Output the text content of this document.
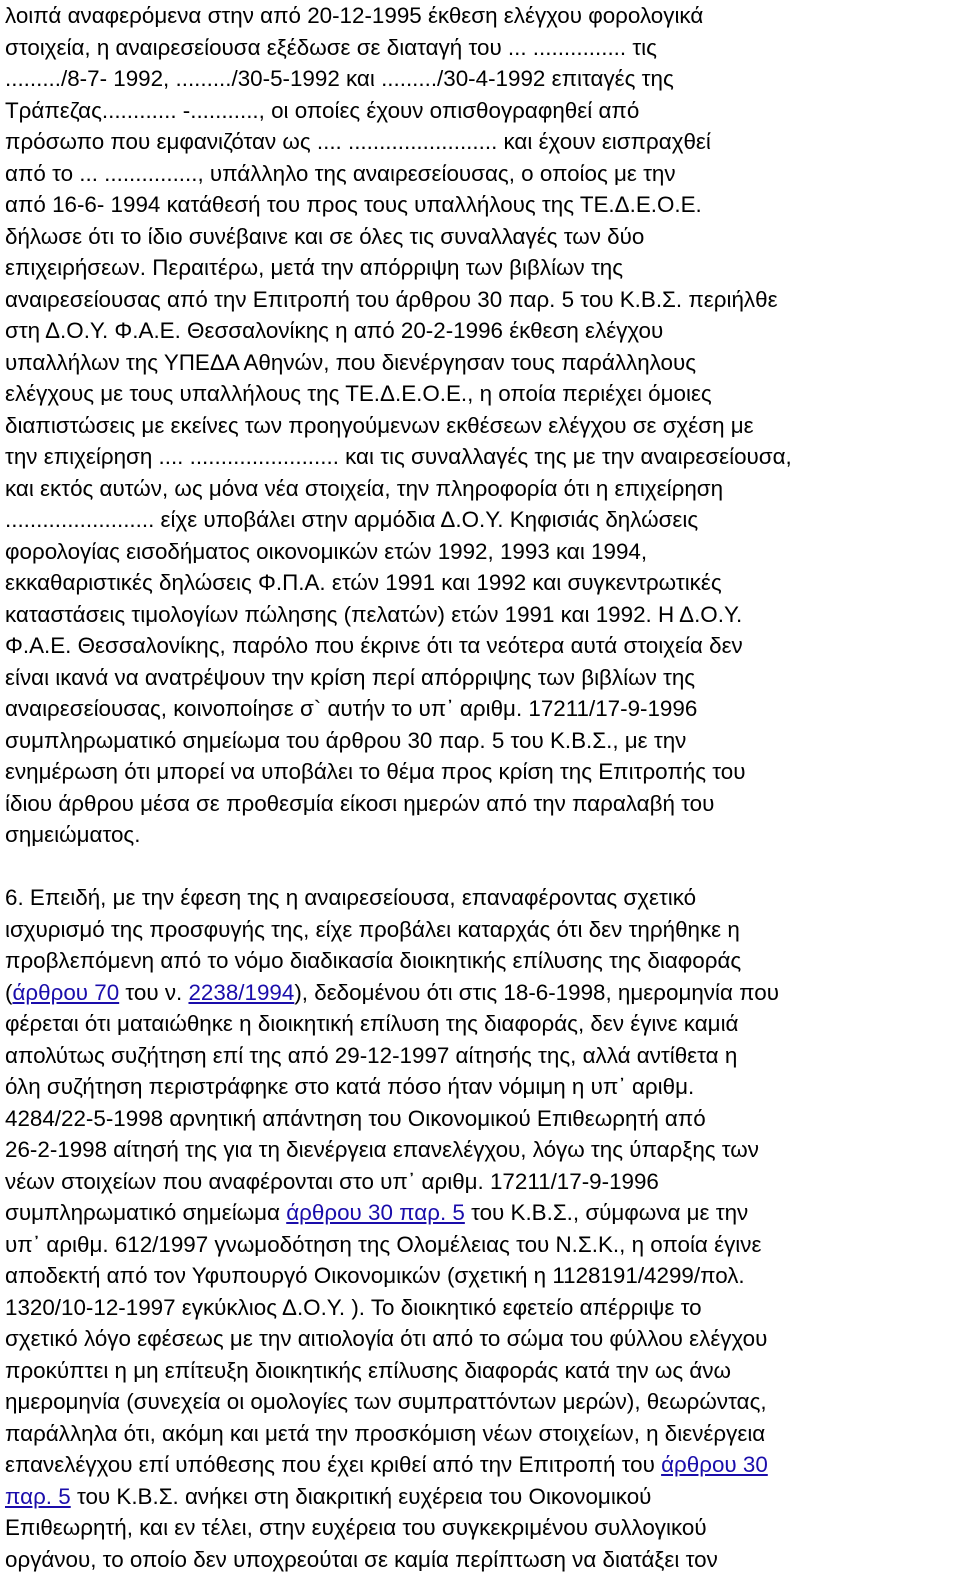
λοιπά αναφερόμενα στην από 20-12-1995 έκθεση ελέγχου φορολογικά
στοιχεία, η αναιρεσείουσα εξέδωσε σε διαταγή του ... ............... τις
........./8-7- 1992, ........./30-5-1992 και ........./30-4-1992 επιταγές της
Τράπεζας............ -..........., οι οποίες έχουν οπισθογραφηθεί από
πρόσωπο που εμφανιζόταν ως .... ........................ και έχουν εισπραχθεί
από το ... ..............., υπάλληλο της αναιρεσείουσας, ο οποίος με την
από 16-6- 1994 κατάθεσή του προς τους υπαλλήλους της ΤΕ.Δ.Ε.Ο.Ε.
δήλωσε ότι το ίδιο συνέβαινε και σε όλες τις συναλλαγές των δύο
επιχειρήσεων. Περαιτέρω, μετά την απόρριψη των βιβλίων της
αναιρεσείουσας από την Επιτροπή του άρθρου 30 παρ. 5 του Κ.Β.Σ. περιήλθε
στη Δ.Ο.Υ. Φ.Α.Ε. Θεσσαλονίκης η από 20-2-1996 έκθεση ελέγχου
υπαλλήλων της ΥΠΕΔΑ Αθηνών, που διενέργησαν τους παράλληλους
ελέγχους με τους υπαλλήλους της ΤΕ.Δ.Ε.Ο.Ε., η οποία περιέχει όμοιες
διαπιστώσεις με εκείνες των προηγούμενων εκθέσεων ελέγχου σε σχέση με
την επιχείρηση .... ........................ και τις συναλλαγές της με την αναιρεσείουσα,
και εκτός αυτών, ως μόνα νέα στοιχεία, την πληροφορία ότι η επιχείρηση
........................ είχε υποβάλει στην αρμόδια Δ.Ο.Υ. Κηφισιάς δηλώσεις
φορολογίας εισοδήματος οικονομικών ετών 1992, 1993 και 1994,
εκκαθαριστικές δηλώσεις Φ.Π.Α. ετών 1991 και 1992 και συγκεντρωτικές
καταστάσεις τιμολογίων πώλησης (πελατών) ετών 1991 και 1992. Η Δ.Ο.Υ.
Φ.Α.Ε. Θεσσαλονίκης, παρόλο που έκρινε ότι τα νεότερα αυτά στοιχεία δεν
είναι ικανά να ανατρέψουν την κρίση περί απόρριψης των βιβλίων της
αναιρεσείουσας, κοινοποίησε σ` αυτήν το υπ᾽ αριθμ. 17211/17-9-1996
συμπληρωματικό σημείωμα του άρθρου 30 παρ. 5 του Κ.Β.Σ., με την
ενημέρωση ότι μπορεί να υποβάλει το θέμα προς κρίση της Επιτροπής του
ίδιου άρθρου μέσα σε προθεσμία είκοσι ημερών από την παραλαβή του
σημειώματος.
6. Επειδή, με την έφεση της η αναιρεσείουσα, επαναφέροντας σχετικό
ισχυρισμό της προσφυγής της, είχε προβάλει καταρχάς ότι δεν τηρήθηκε η
προβλεπόμενη από το νόμο διαδικασία διοικητικής επίλυσης της διαφοράς
(άρθρου 70 του ν. 2238/1994), δεδομένου ότι στις 18-6-1998, ημερομηνία που
φέρεται ότι ματαιώθηκε η διοικητική επίλυση της διαφοράς, δεν έγινε καμιά
απολύτως συζήτηση επί της από 29-12-1997 αίτησής της, αλλά αντίθετα η
όλη συζήτηση περιστράφηκε στο κατά πόσο ήταν νόμιμη η υπ᾽ αριθμ.
4284/22-5-1998 αρνητική απάντηση του Οικονομικού Επιθεωρητή από
26-2-1998 αίτησή της για τη διενέργεια επανελέγχου, λόγω της ύπαρξης των
νέων στοιχείων που αναφέρονται στο υπ᾽ αριθμ. 17211/17-9-1996
συμπληρωματικό σημείωμα άρθρου 30 παρ. 5 του Κ.Β.Σ., σύμφωνα με την
υπ᾽ αριθμ. 612/1997 γνωμοδότηση της Ολομέλειας του Ν.Σ.Κ., η οποία έγινε
αποδεκτή από τον Υφυπουργό Οικονομικών (σχετική η 1128191/4299/πολ.
1320/10-12-1997 εγκύκλιος Δ.Ο.Υ. ). Το διοικητικό εφετείο απέρριψε το
σχετικό λόγο εφέσεως με την αιτιολογία ότι από το σώμα του φύλλου ελέγχου
προκύπτει η μη επίτευξη διοικητικής επίλυσης διαφοράς κατά την ως άνω
ημερομηνία (συνεχεία οι ομολογίες των συμπραττόντων μερών), θεωρώντας,
παράλληλα ότι, ακόμη και μετά την προσκόμιση νέων στοιχείων, η διενέργεια
επανελέγχου επί υπόθεσης που έχει κριθεί από την Επιτροπή του άρθρου 30
παρ. 5 του Κ.Β.Σ. ανήκει στη διακριτική ευχέρεια του Οικονομικού
Επιθεωρητή, και εν τέλει, στην ευχέρεια του συγκεκριμένου συλλογικού
οργάνου, το οποίο δεν υποχρεούται σε καμία περίπτωση να διατάξει τον
